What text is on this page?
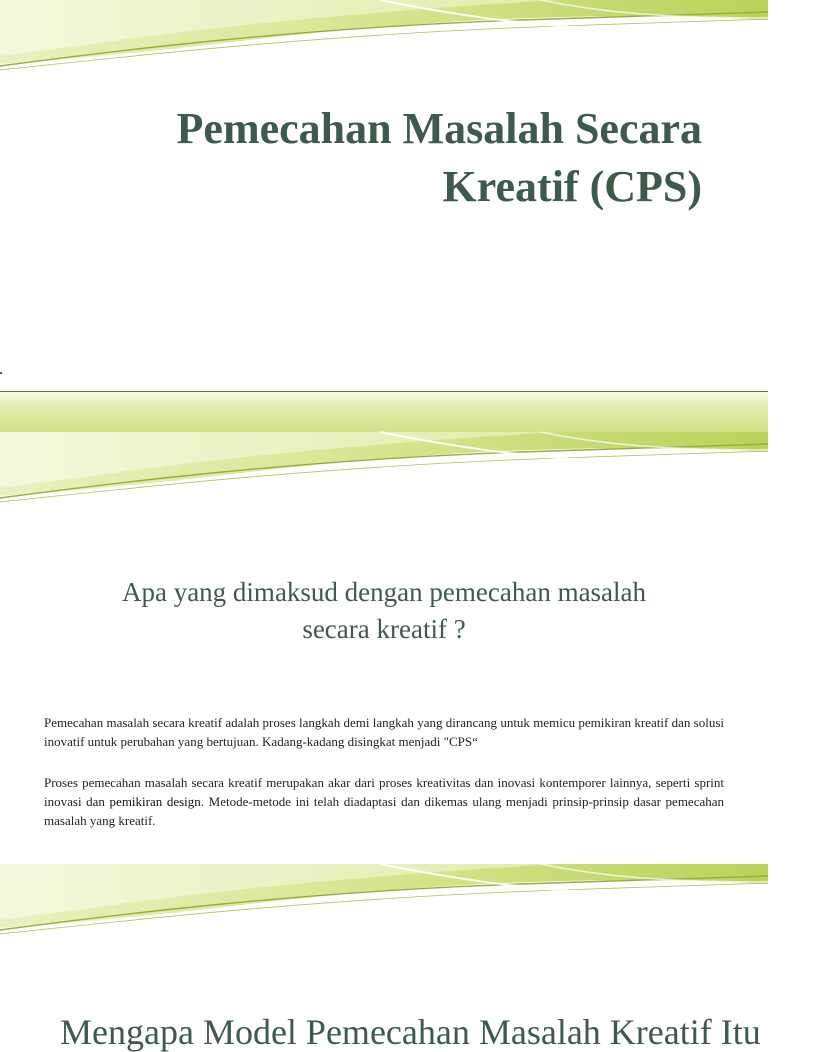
Pemecahan Masalah Secara
Kreatif (CPS)
Apa yang dimaksud dengan pemecahan masalah
secara kreatif ?

Pemecahan masalah secara kreatif adalah proses langkah demi langkah yang dirancang untuk memicu pemikiran kreatif dan solusi inovatif untuk perubahan yang bertujuan. Kadang-kadang disingkat menjadi "CPS“

Proses pemecahan masalah secara kreatif merupakan akar dari proses kreativitas dan inovasi kontemporer lainnya, seperti sprint inovasi dan pemikiran design. Metode-metode ini telah diadaptasi dan dikemas ulang menjadi prinsip-prinsip dasar pemecahan masalah yang kreatif.

Mengapa Model Pemecahan Masalah Kreatif Itu
